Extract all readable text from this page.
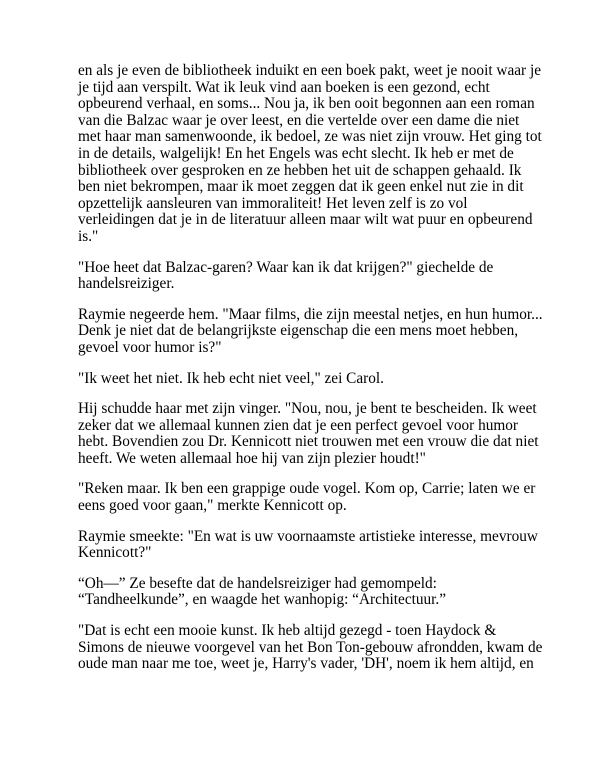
en als je even de bibliotheek induikt en een boek pakt, weet je nooit waar je je tijd aan verspilt. Wat ik leuk vind aan boeken is een gezond, echt opbeurend verhaal, en soms... Nou ja, ik ben ooit begonnen aan een roman van die Balzac waar je over leest, en die vertelde over een dame die niet met haar man samenwoonde, ik bedoel, ze was niet zijn vrouw. Het ging tot in de details, walgelijk! En het Engels was echt slecht. Ik heb er met de bibliotheek over gesproken en ze hebben het uit de schappen gehaald. Ik ben niet bekrompen, maar ik moet zeggen dat ik geen enkel nut zie in dit opzettelijk aansleuren van immoraliteit! Het leven zelf is zo vol verleidingen dat je in de literatuur alleen maar wilt wat puur en opbeurend is."

"Hoe heet dat Balzac-garen? Waar kan ik dat krijgen?" giechelde de handelsreiziger.

Raymie negeerde hem. "Maar films, die zijn meestal netjes, en hun humor... Denk je niet dat de belangrijkste eigenschap die een mens moet hebben, gevoel voor humor is?"

"Ik weet het niet. Ik heb echt niet veel," zei Carol.

Hij schudde haar met zijn vinger. "Nou, nou, je bent te bescheiden. Ik weet zeker dat we allemaal kunnen zien dat je een perfect gevoel voor humor hebt. Bovendien zou Dr. Kennicott niet trouwen met een vrouw die dat niet heeft. We weten allemaal hoe hij van zijn plezier houdt!"

"Reken maar. Ik ben een grappige oude vogel. Kom op, Carrie; laten we er eens goed voor gaan," merkte Kennicott op.

Raymie smeekte: "En wat is uw voornaamste artistieke interesse, mevrouw Kennicott?"

“Oh—” Ze besefte dat de handelsreiziger had gemompeld: “Tandheelkunde”, en waagde het wanhopig: “Architectuur.”

"Dat is echt een mooie kunst. Ik heb altijd gezegd - toen Haydock & Simons de nieuwe voorgevel van het Bon Ton-gebouw afrondden, kwam de oude man naar me toe, weet je, Harry's vader, 'DH', noem ik hem altijd, en
